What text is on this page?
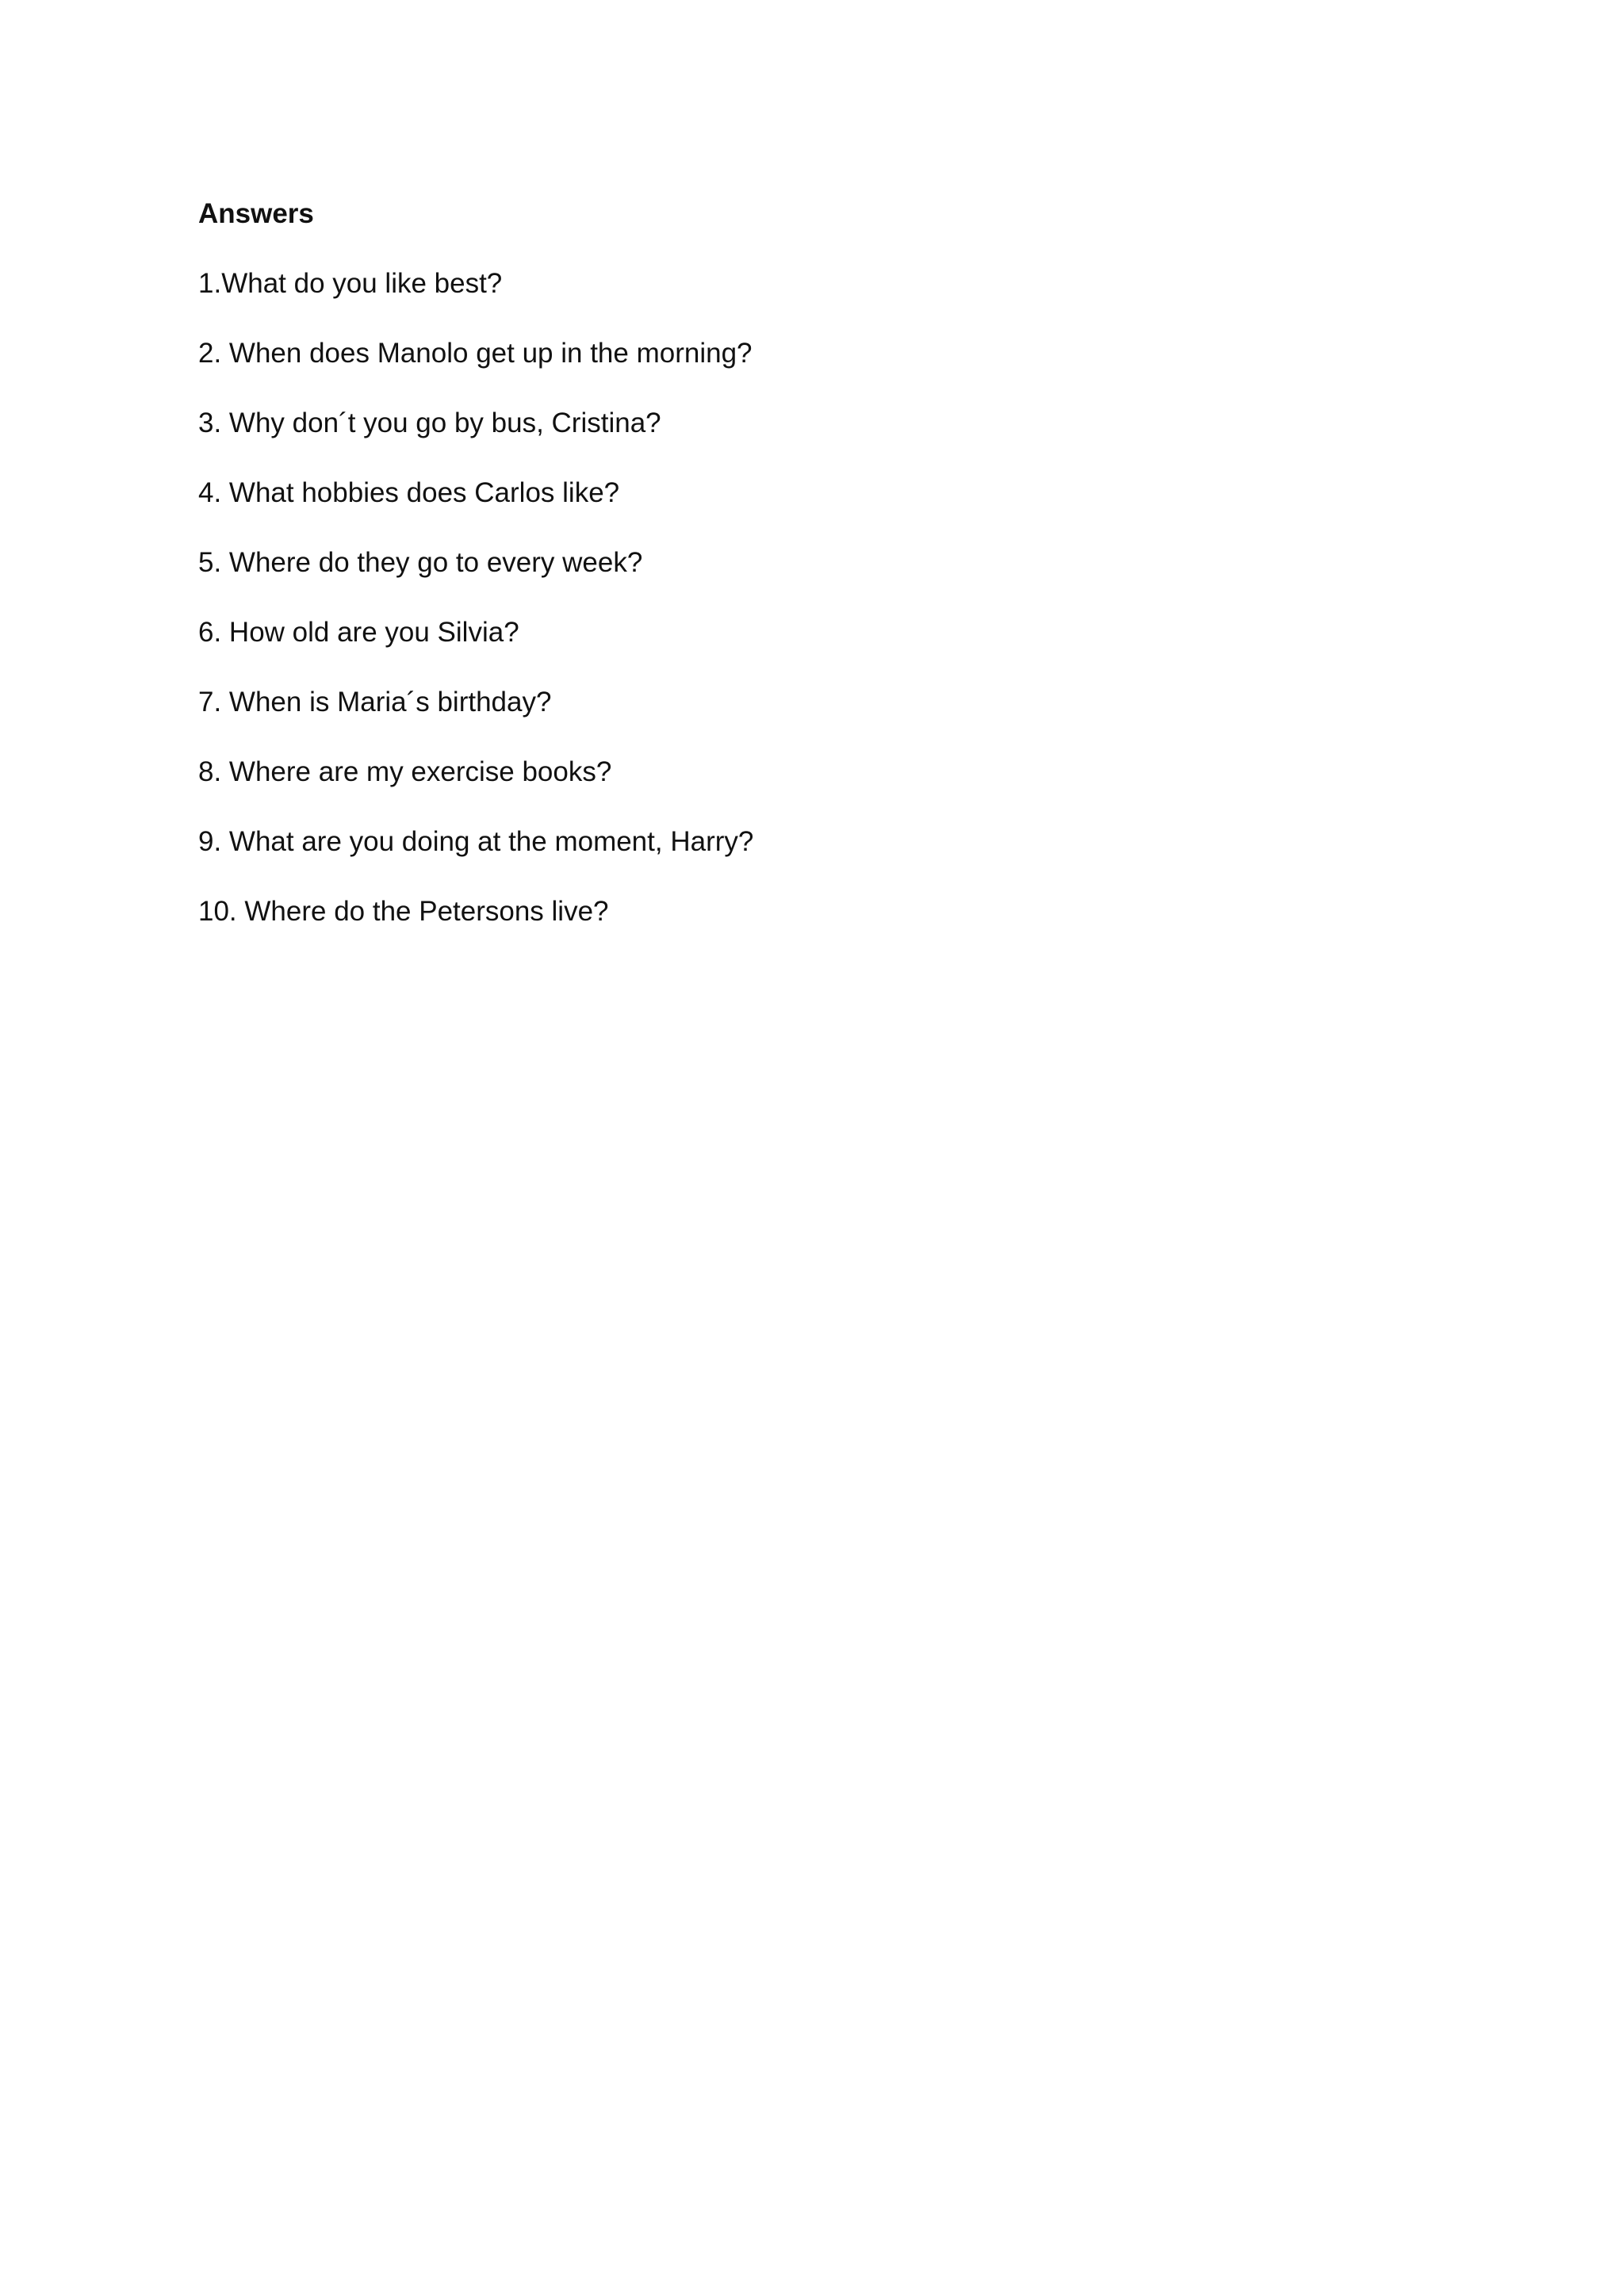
Answers
1.What do you like best?
2. When does Manolo get up in the morning?
3. Why don´t you go by bus, Cristina?
4. What hobbies does Carlos like?
5. Where do they go to every week?
6. How old are you Silvia?
7. When is Maria´s birthday?
8. Where are my exercise books?
9. What are you doing at the moment, Harry?
10. Where do the Petersons live?
